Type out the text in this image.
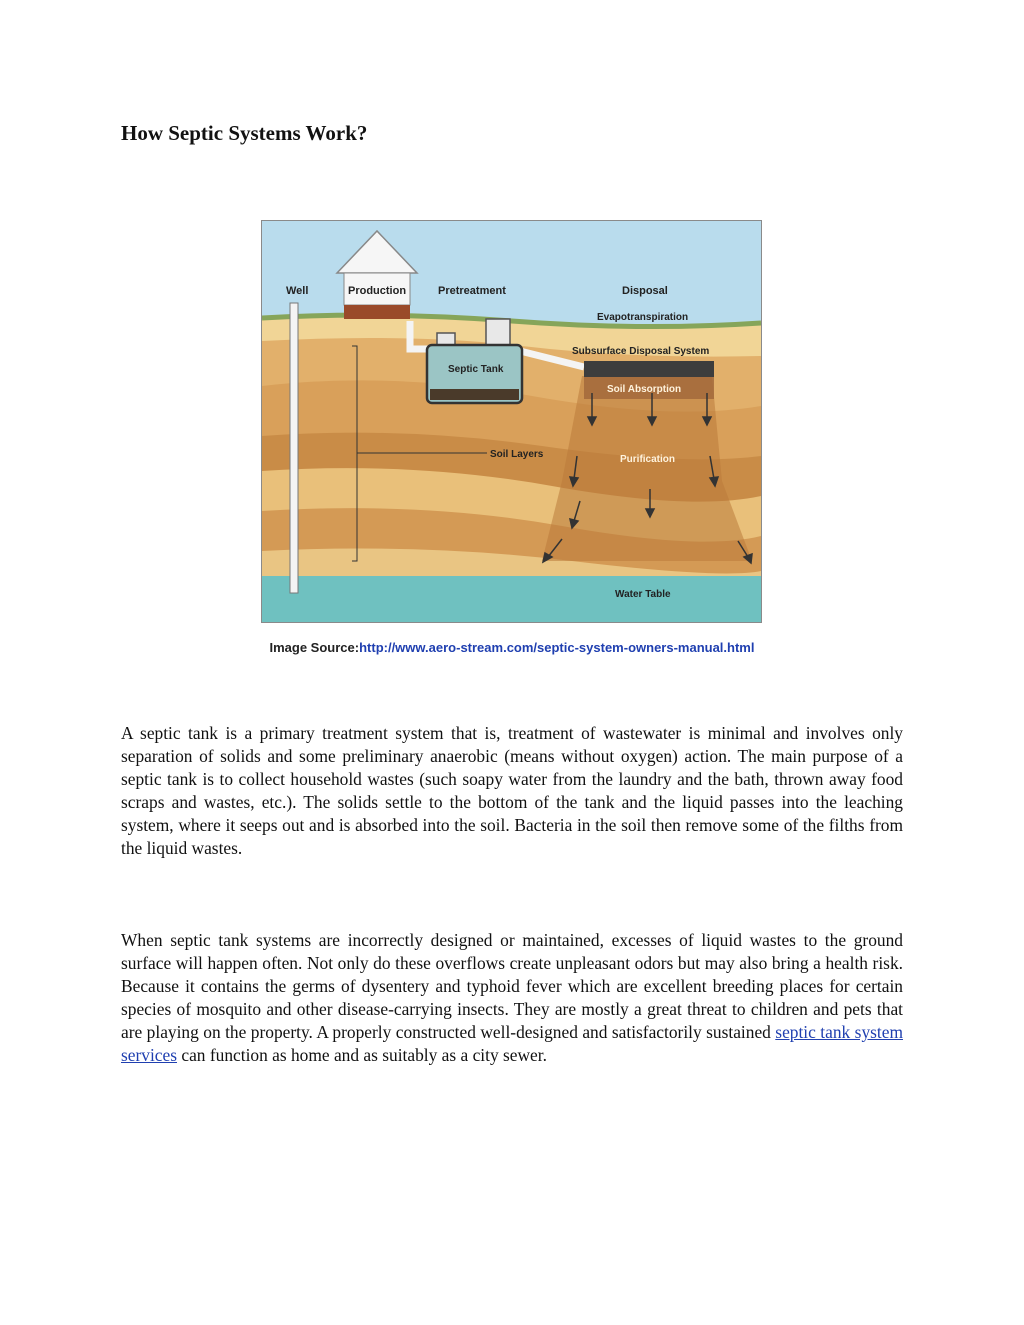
How Septic Systems Work?
Well	Production	Pretreatment	Disposal
Evapotranspiration
Subsurface Disposal System
Septic Tank
Soil Absorption
Soil Layers	Purification
Water Table
Image Source:http://www.aero-stream.com/septic-system-owners-manual.html

A septic tank is a primary treatment system that is, treatment of wastewater is minimal and involves only separation of solids and some preliminary anaerobic (means without oxygen) action. The main purpose of a septic tank is to collect household wastes (such soapy water from the laundry and the bath, thrown away food scraps and wastes, etc.). The solids settle to the bottom of the tank and the liquid passes into the leaching system, where it seeps out and is absorbed into the soil. Bacteria in the soil then remove some of the filths from the liquid wastes.

When septic tank systems are incorrectly designed or maintained, excesses of liquid wastes to the ground surface will happen often. Not only do these overflows create unpleasant odors but may also bring a health risk. Because it contains the germs of dysentery and typhoid fever which are excellent breeding places for certain species of mosquito and other disease-carrying insects. They are mostly a great threat to children and pets that are playing on the property. A properly constructed well-designed and satisfactorily sustained septic tank system services can function as home and as suitably as a city sewer.
